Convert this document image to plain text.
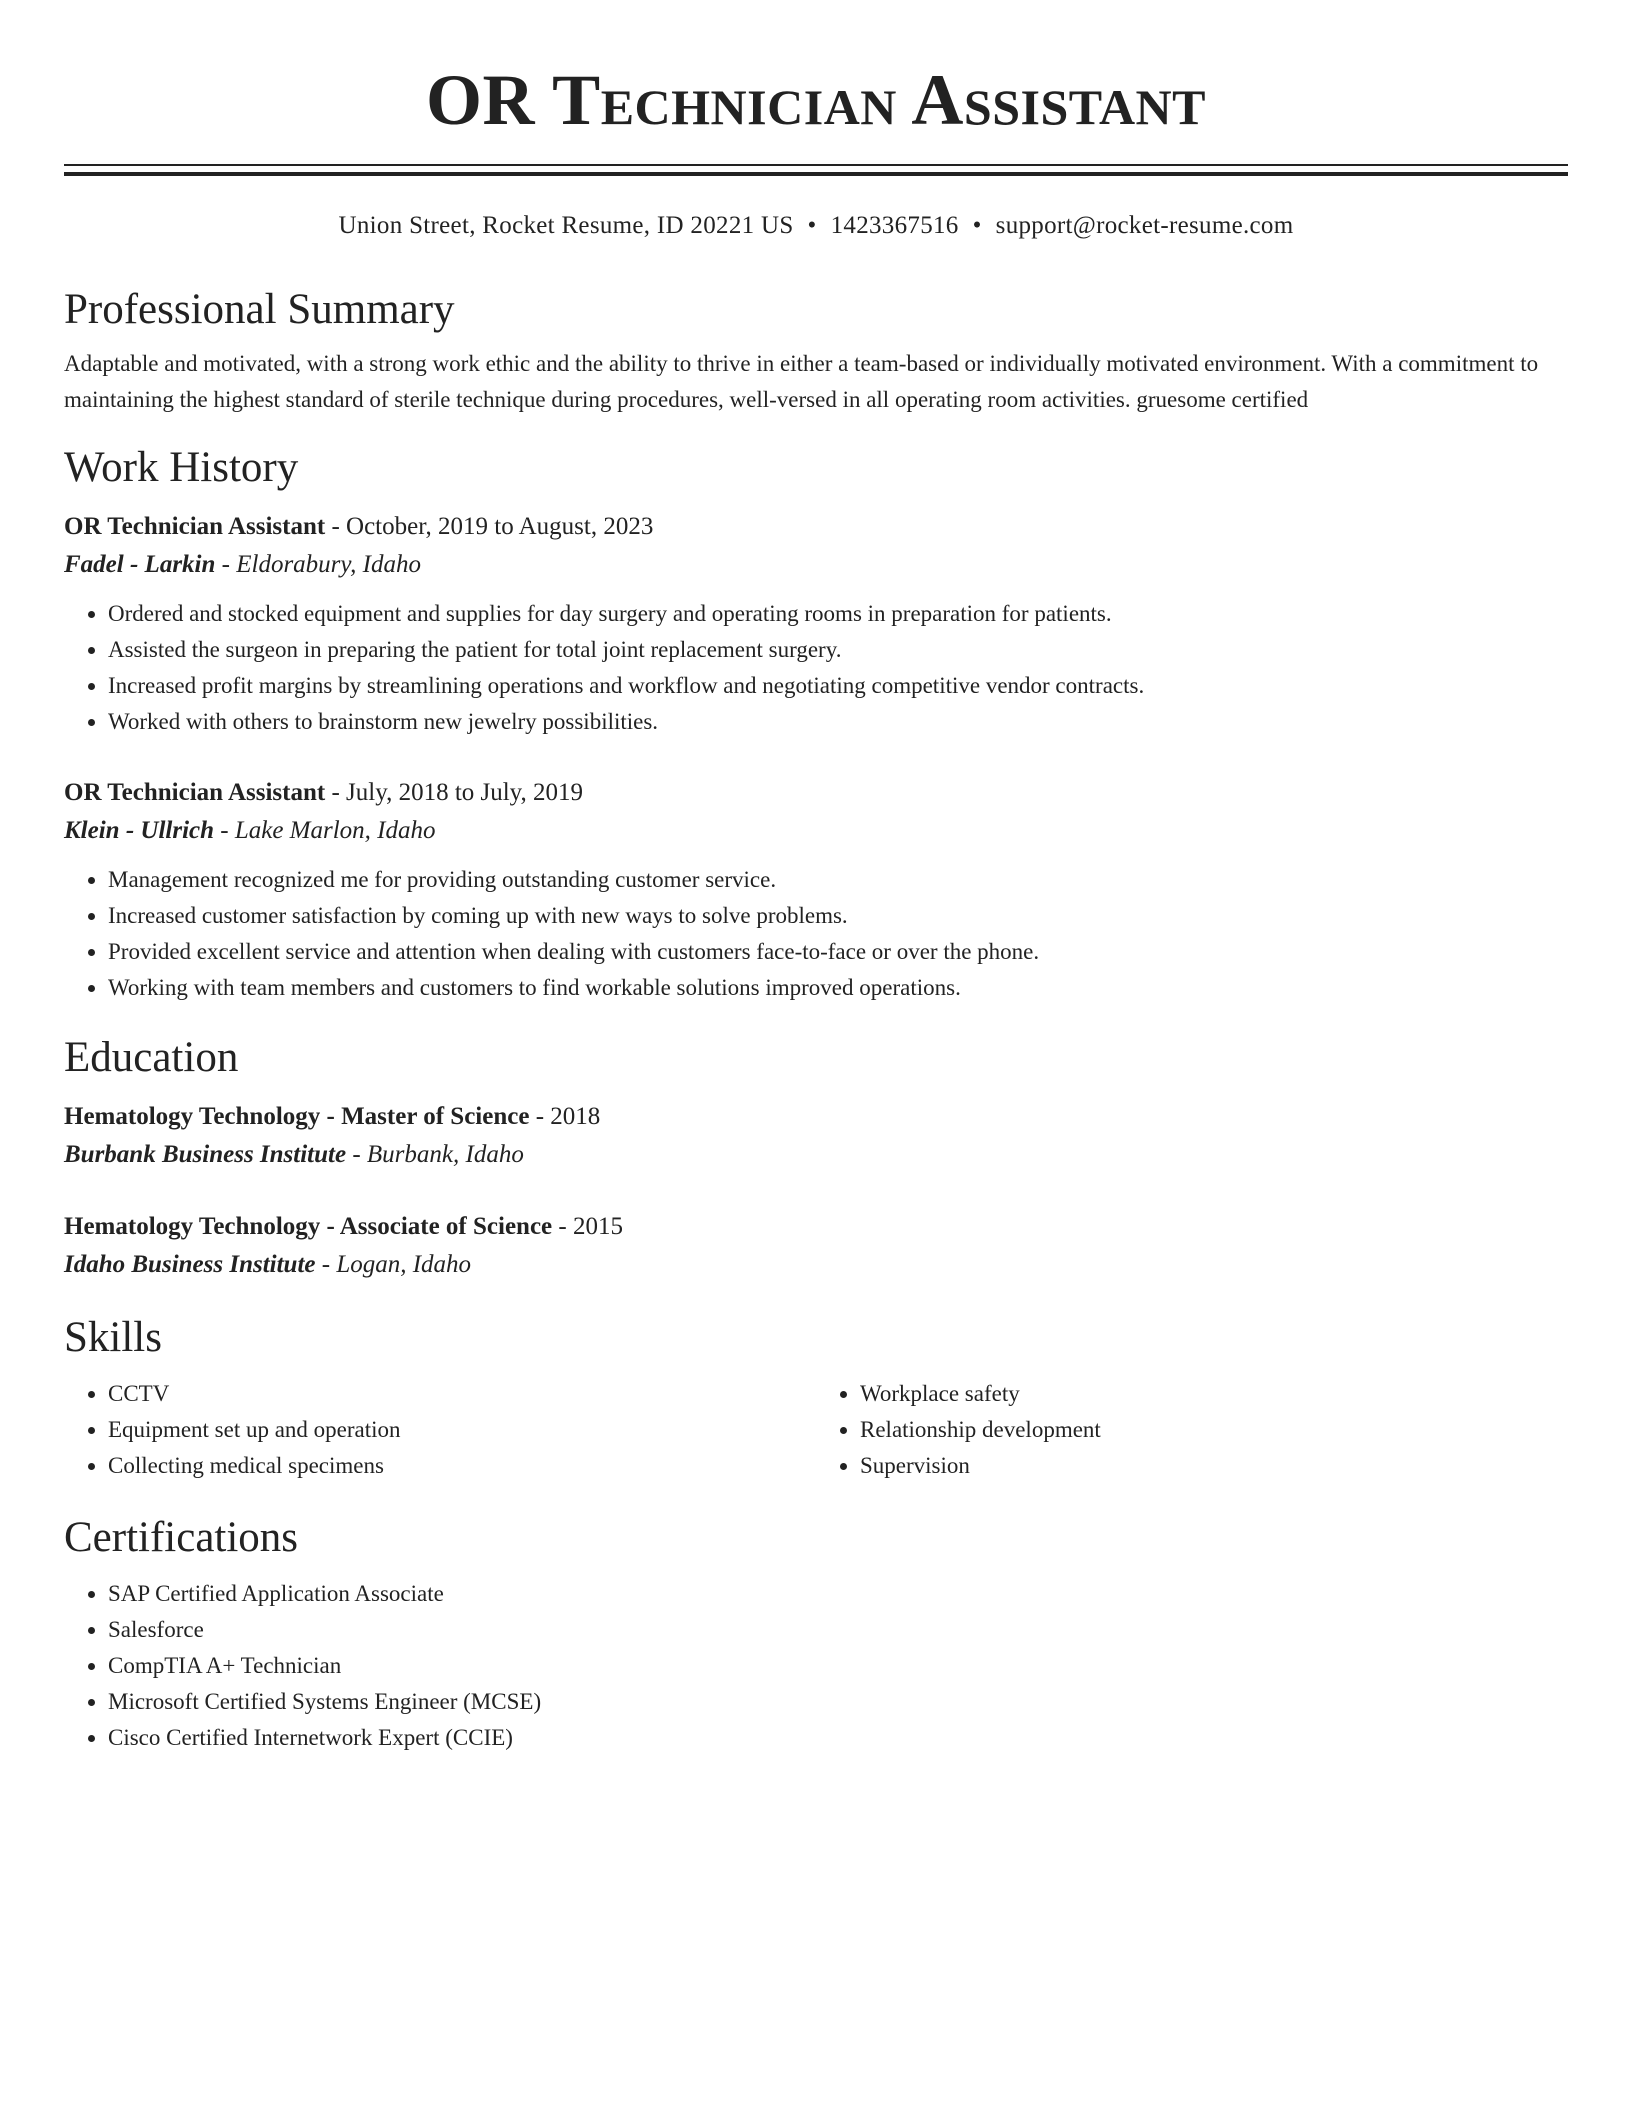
OR Technician Assistant
Union Street, Rocket Resume, ID 20221 US • 1423367516 • support@rocket-resume.com
Professional Summary
Adaptable and motivated, with a strong work ethic and the ability to thrive in either a team-based or individually motivated environment. With a commitment to maintaining the highest standard of sterile technique during procedures, well-versed in all operating room activities. gruesome certified
Work History
OR Technician Assistant - October, 2019 to August, 2023
Fadel - Larkin - Eldorabury, Idaho
• Ordered and stocked equipment and supplies for day surgery and operating rooms in preparation for patients.
• Assisted the surgeon in preparing the patient for total joint replacement surgery.
• Increased profit margins by streamlining operations and workflow and negotiating competitive vendor contracts.
• Worked with others to brainstorm new jewelry possibilities.
OR Technician Assistant - July, 2018 to July, 2019
Klein - Ullrich - Lake Marlon, Idaho
• Management recognized me for providing outstanding customer service.
• Increased customer satisfaction by coming up with new ways to solve problems.
• Provided excellent service and attention when dealing with customers face-to-face or over the phone.
• Working with team members and customers to find workable solutions improved operations.
Education
Hematology Technology - Master of Science - 2018
Burbank Business Institute - Burbank, Idaho
Hematology Technology - Associate of Science - 2015
Idaho Business Institute - Logan, Idaho
Skills
• CCTV
• Equipment set up and operation
• Collecting medical specimens
• Workplace safety
• Relationship development
• Supervision
Certifications
• SAP Certified Application Associate
• Salesforce
• CompTIA A+ Technician
• Microsoft Certified Systems Engineer (MCSE)
• Cisco Certified Internetwork Expert (CCIE)
